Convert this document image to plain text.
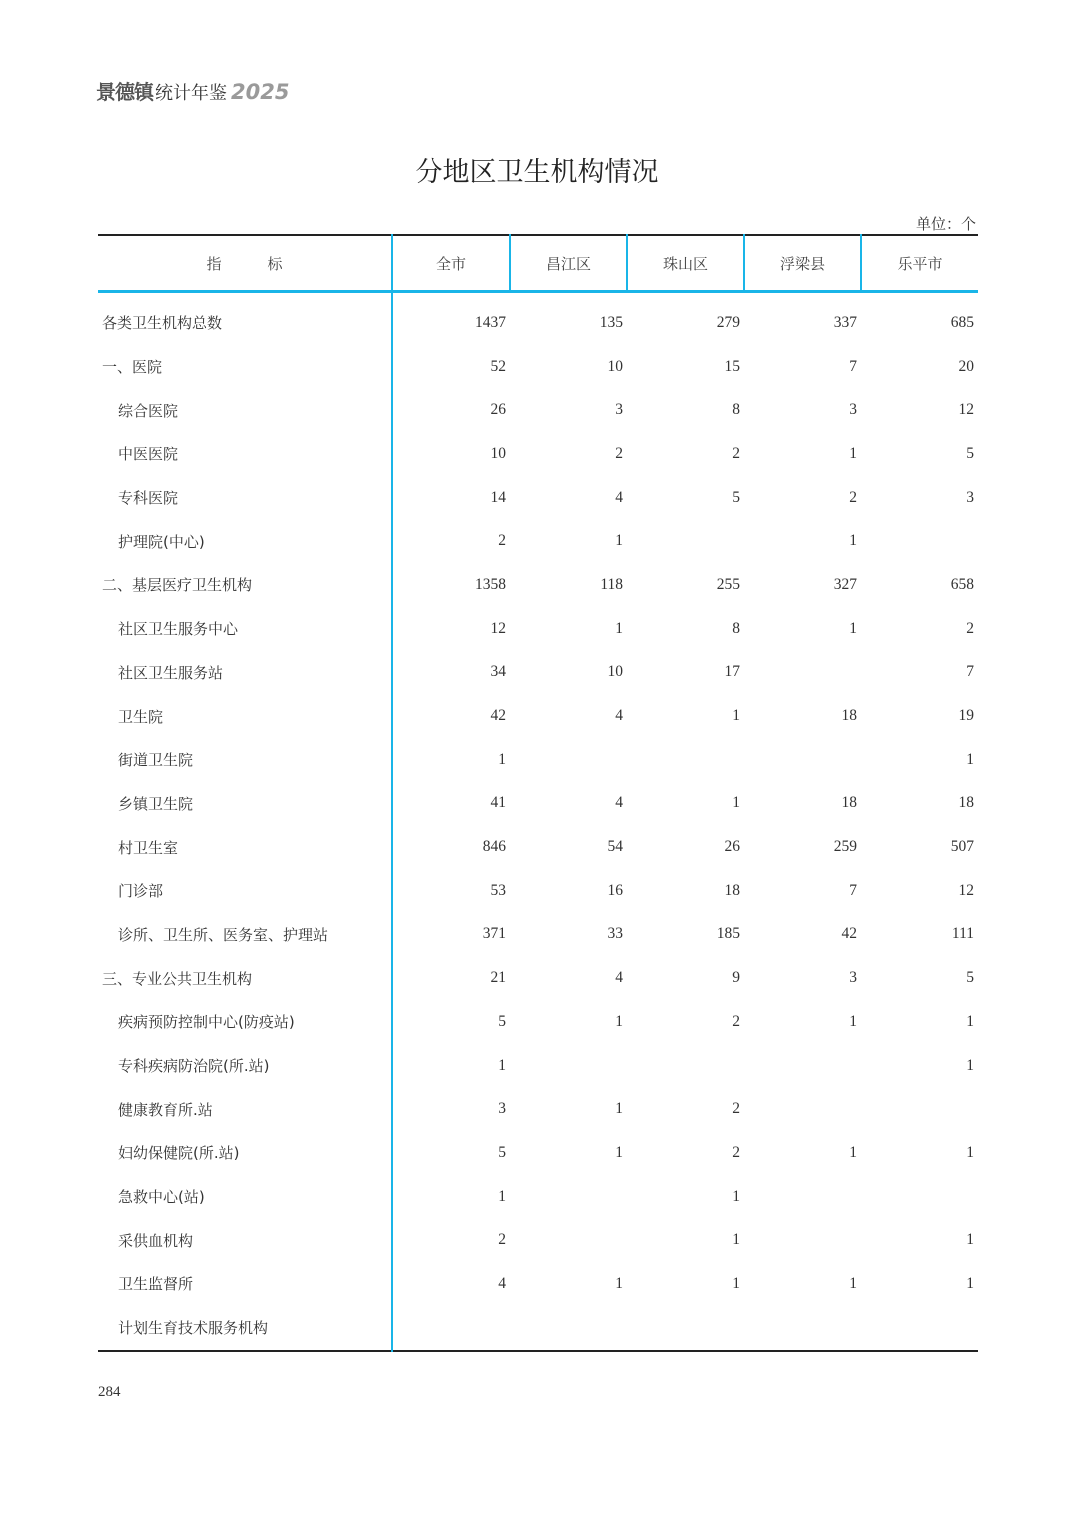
景德镇 统计年鉴 2025
分地区卫生机构情况
单位：个
指 标	全市	昌江区	珠山区	浮梁县	乐平市
各类卫生机构总数	1437	135	279	337	685
一、医院	52	10	15	7	20
综合医院	26	3	8	3	12
中医医院	10	2	2	1	5
专科医院	14	4	5	2	3
护理院(中心)	2	1		1	
二、基层医疗卫生机构	1358	118	255	327	658
社区卫生服务中心	12	1	8	1	2
社区卫生服务站	34	10	17		7
卫生院	42	4	1	18	19
街道卫生院	1				1
乡镇卫生院	41	4	1	18	18
村卫生室	846	54	26	259	507
门诊部	53	16	18	7	12
诊所、卫生所、医务室、护理站	371	33	185	42	111
三、专业公共卫生机构	21	4	9	3	5
疾病预防控制中心(防疫站)	5	1	2	1	1
专科疾病防治院(所.站)	1				1
健康教育所.站	3	1	2		
妇幼保健院(所.站)	5	1	2	1	1
急救中心(站)	1		1		
采供血机构	2		1		1
卫生监督所	4	1	1	1	1
计划生育技术服务机构					
284
